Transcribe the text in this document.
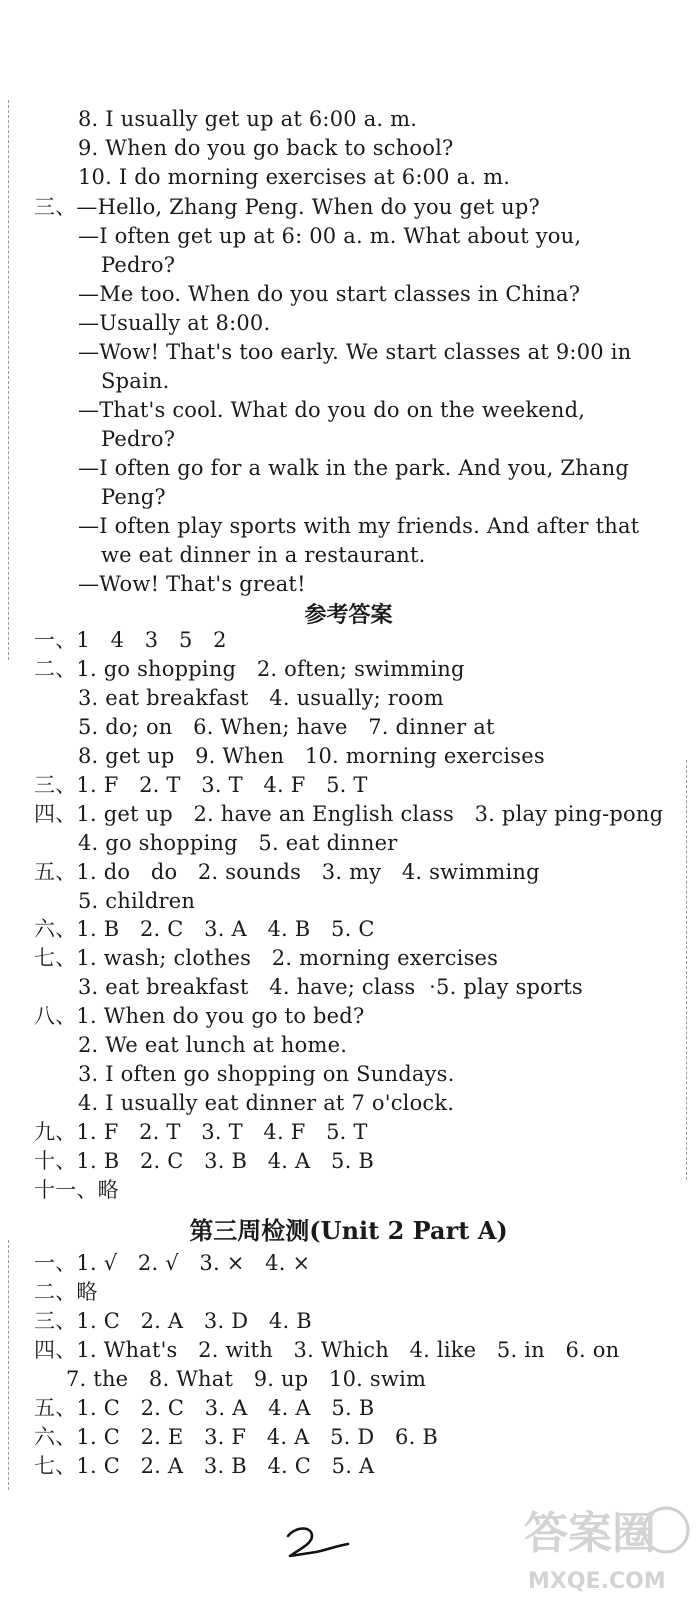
8. I usually get up at 6:00 a. m.
9. When do you go back to school?
10. I do morning exercises at 6:00 a. m.
三、—Hello, Zhang Peng. When do you get up?
—I often get up at 6: 00 a. m. What about you,
Pedro?
—Me too. When do you start classes in China?
—Usually at 8:00.
—Wow! That's too early. We start classes at 9:00 in
Spain.
—That's cool. What do you do on the weekend,
Pedro?
—I often go for a walk in the park. And you, Zhang
Peng?
—I often play sports with my friends. And after that
we eat dinner in a restaurant.
—Wow! That's great!
参考答案
一、1   4   3   5   2
二、1. go shopping   2. often; swimming
3. eat breakfast   4. usually; room
5. do; on   6. When; have   7. dinner at
8. get up   9. When   10. morning exercises
三、1. F   2. T   3. T   4. F   5. T
四、1. get up   2. have an English class   3. play ping-pong
4. go shopping   5. eat dinner
五、1. do   do   2. sounds   3. my   4. swimming
5. children
六、1. B   2. C   3. A   4. B   5. C
七、1. wash; clothes   2. morning exercises
3. eat breakfast   4. have; class  ·5. play sports
八、1. When do you go to bed?
2. We eat lunch at home.
3. I often go shopping on Sundays.
4. I usually eat dinner at 7 o'clock.
九、1. F   2. T   3. T   4. F   5. T
十、1. B   2. C   3. B   4. A   5. B
十一、略
第三周检测(Unit 2 Part A)
一、1. √   2. √   3. ×   4. ×
二、略
三、1. C   2. A   3. D   4. B
四、1. What's   2. with   3. Which   4. like   5. in   6. on
7. the   8. What   9. up   10. swim
五、1. C   2. C   3. A   4. A   5. B
六、1. C   2. E   3. F   4. A   5. D   6. B
七、1. C   2. A   3. B   4. C   5. A
答案圈
MXQE.COM
